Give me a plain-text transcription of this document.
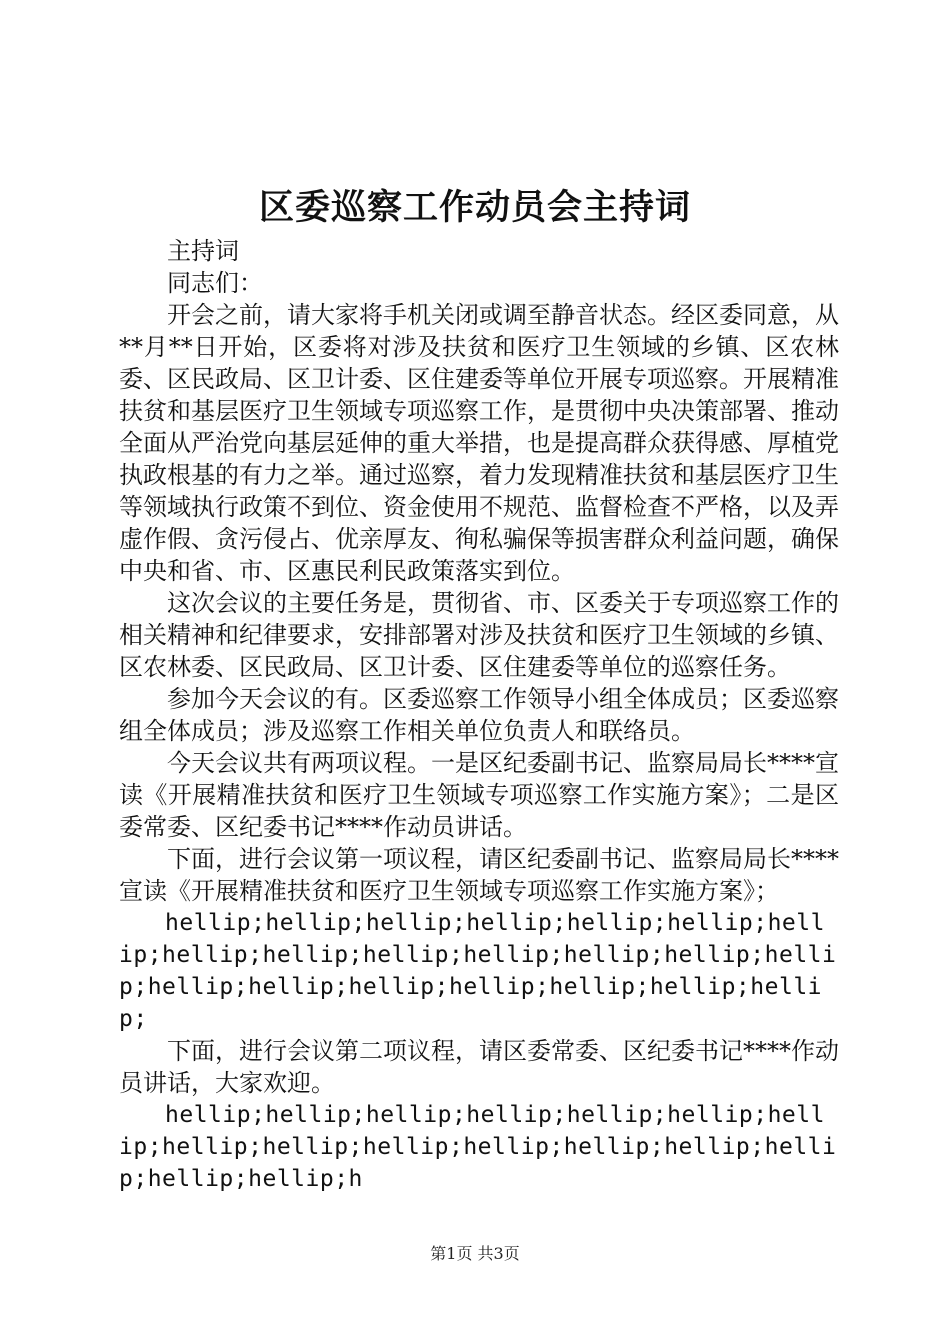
区委巡察工作动员会主持词

主持词

同志们：

开会之前，请大家将手机关闭或调至静音状态。经区委同意，从**月**日开始，区委将对涉及扶贫和医疗卫生领域的乡镇、区农林委、区民政局、区卫计委、区住建委等单位开展专项巡察。开展精准扶贫和基层医疗卫生领域专项巡察工作，是贯彻中央决策部署、推动全面从严治党向基层延伸的重大举措，也是提高群众获得感、厚植党执政根基的有力之举。通过巡察，着力发现精准扶贫和基层医疗卫生等领域执行政策不到位、资金使用不规范、监督检查不严格，以及弄虚作假、贪污侵占、优亲厚友、徇私骗保等损害群众利益问题，确保中央和省、市、区惠民利民政策落实到位。

这次会议的主要任务是，贯彻省、市、区委关于专项巡察工作的相关精神和纪律要求，安排部署对涉及扶贫和医疗卫生领域的乡镇、区农林委、区民政局、区卫计委、区住建委等单位的巡察任务。

参加今天会议的有。区委巡察工作领导小组全体成员；区委巡察组全体成员；涉及巡察工作相关单位负责人和联络员。

今天会议共有两项议程。一是区纪委副书记、监察局局长****宣读《开展精准扶贫和医疗卫生领域专项巡察工作实施方案》；二是区委常委、区纪委书记****作动员讲话。

下面，进行会议第一项议程，请区纪委副书记、监察局局长****宣读《开展精准扶贫和医疗卫生领域专项巡察工作实施方案》；

hellip;hellip;hellip;hellip;hellip;hellip;hellip;hellip;hellip;hellip;hellip;hellip;hellip;hellip;hellip;hellip;hellip;hellip;hellip;hellip;hellip;

下面，进行会议第二项议程，请区委常委、区纪委书记****作动员讲话，大家欢迎。

hellip;hellip;hellip;hellip;hellip;hellip;hellip;hellip;hellip;hellip;hellip;hellip;hellip;hellip;hellip;hellip;h

第1页 共3页
